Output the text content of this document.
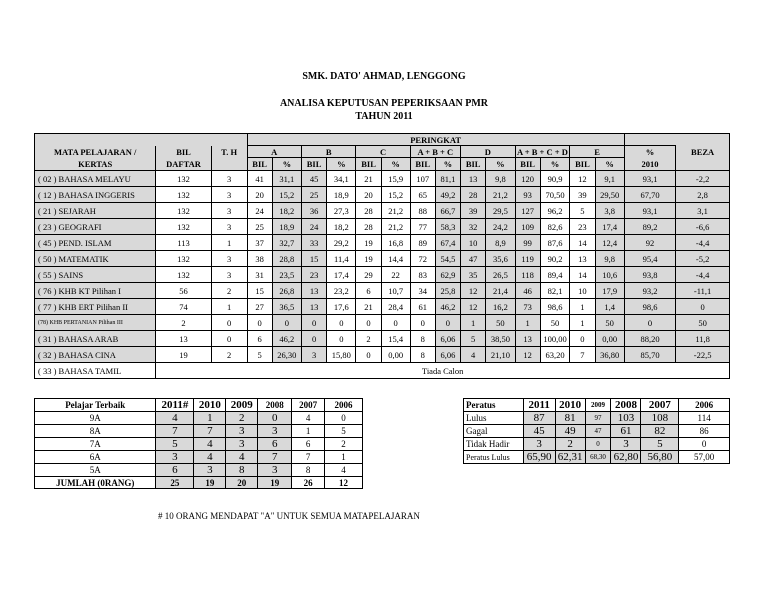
SMK. DATO' AHMAD, LENGGONG
ANALISA KEPUTUSAN PEPERIKSAAN PMR
TAHUN 2011
			PERINGKAT															
MATA PELAJARAN /	BIL	T. H	A		B		C		A + B + C		D		A + B + C + D		E		%	BEZA
KERTAS	DAFTAR		BIL	%	BIL	%	BIL	%	BIL	%	BIL	%	BIL	%	BIL	%	2010	
( 02 ) BAHASA MELAYU	132	3	41	31,1	45	34,1	21	15,9	107	81,1	13	9,8	120	90,9	12	9,1	93,1	-2,2
( 12 ) BAHASA INGGERIS	132	3	20	15,2	25	18,9	20	15,2	65	49,2	28	21,2	93	70,50	39	29,50	67,70	2,8
( 21 ) SEJARAH	132	3	24	18,2	36	27,3	28	21,2	88	66,7	39	29,5	127	96,2	5	3,8	93,1	3,1
( 23 ) GEOGRAFI	132	3	25	18,9	24	18,2	28	21,2	77	58,3	32	24,2	109	82,6	23	17,4	89,2	-6,6
( 45 ) PEND. ISLAM	113	1	37	32,7	33	29,2	19	16,8	89	67,4	10	8,9	99	87,6	14	12,4	92	-4,4
( 50 ) MATEMATIK	132	3	38	28,8	15	11,4	19	14,4	72	54,5	47	35,6	119	90,2	13	9,8	95,4	-5,2
( 55 ) SAINS	132	3	31	23,5	23	17,4	29	22	83	62,9	35	26,5	118	89,4	14	10,6	93,8	-4,4
( 76 ) KHB KT Pilihan I	56	2	15	26,8	13	23,2	6	10,7	34	25,8	12	21,4	46	82,1	10	17,9	93,2	-11,1
( 77 ) KHB ERT Pilihan II	74	1	27	36,5	13	17,6	21	28,4	61	46,2	12	16,2	73	98,6	1	1,4	98,6	0
(78) KHB PERTANIAN Pilihan III	2	0	0	0	0	0	0	0	0	0	1	50	1	50	1	50	0	50
( 31 ) BAHASA ARAB	13	0	6	46,2	0	0	2	15,4	8	6,06	5	38,50	13	100,00	0	0,00	88,20	11,8
( 32 ) BAHASA CINA	19	2	5	26,30	3	15,80	0	0,00	8	6,06	4	21,10	12	63,20	7	36,80	85,70	-22,5
( 33 ) BAHASA TAMIL	Tiada Calon																	
Pelajar Terbaik	2011#	2010	2009	2008	2007	2006
9A	4	1	2	0	4	0
8A	7	7	3	3	1	5
7A	5	4	3	6	6	2
6A	3	4	4	7	7	1
5A	6	3	8	3	8	4
JUMLAH (0RANG)	25	19	20	19	26	12
Peratus	2011	2010	2009	2008	2007	2006
Lulus	87	81	97	103	108	114
Gagal	45	49	47	61	82	86
Tidak Hadir	3	2	0	3	5	0
Peratus Lulus	65,90	62,31	68,30	62,80	56,80	57,00
# 10 ORANG MENDAPAT "A" UNTUK SEMUA MATAPELAJARAN
